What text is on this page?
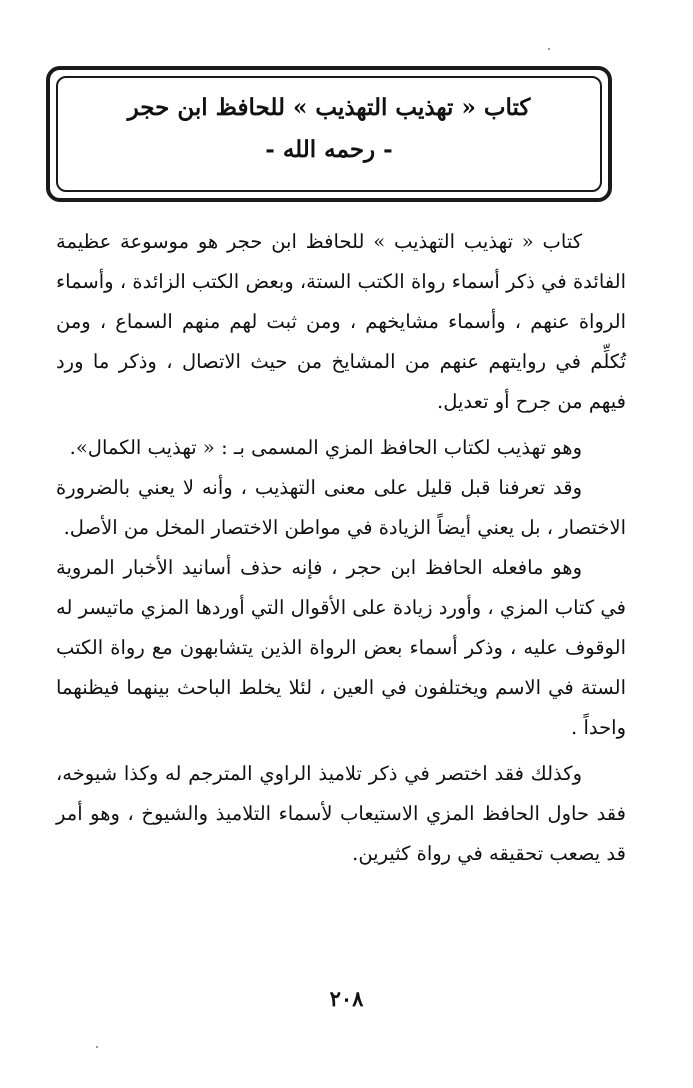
كتاب « تهذيب التهذيب » للحافظ ابن حجر
- رحمه الله -

كتاب « تهذيب التهذيب » للحافظ ابن حجر هو موسوعة عظيمة الفائدة في ذكر أسماء رواة الكتب الستة، وبعض الكتب الزائدة ، وأسماء الرواة عنهم ، وأسماء مشايخهم ، ومن ثبت لهم منهم السماع ، ومن تُكلِّم في روايتهم عنهم من المشايخ من حيث الاتصال ، وذكر ما ورد فيهم من جرح أو تعديل.

وهو تهذيب لكتاب الحافظ المزي المسمى بـ : « تهذيب الكمال».

وقد تعرفنا قبل قليل على معنى التهذيب ، وأنه لا يعني بالضرورة الاختصار ، بل يعني أيضاً الزيادة في مواطن الاختصار المخل من الأصل.

وهو مافعله الحافظ ابن حجر ، فإنه حذف أسانيد الأخبار المروية في كتاب المزي ، وأورد زيادة على الأقوال التي أوردها المزي ماتيسر له الوقوف عليه ، وذكر أسماء بعض الرواة الذين يتشابهون مع رواة الكتب الستة في الاسم ويختلفون في العين ، لئلا يخلط الباحث بينهما فيظنهما واحداً .

وكذلك فقد اختصر في ذكر تلاميذ الراوي المترجم له وكذا شيوخه، فقد حاول الحافظ المزي الاستيعاب لأسماء التلاميذ والشيوخ ، وهو أمر قد يصعب تحقيقه في رواة كثيرين.

٢٠٨
